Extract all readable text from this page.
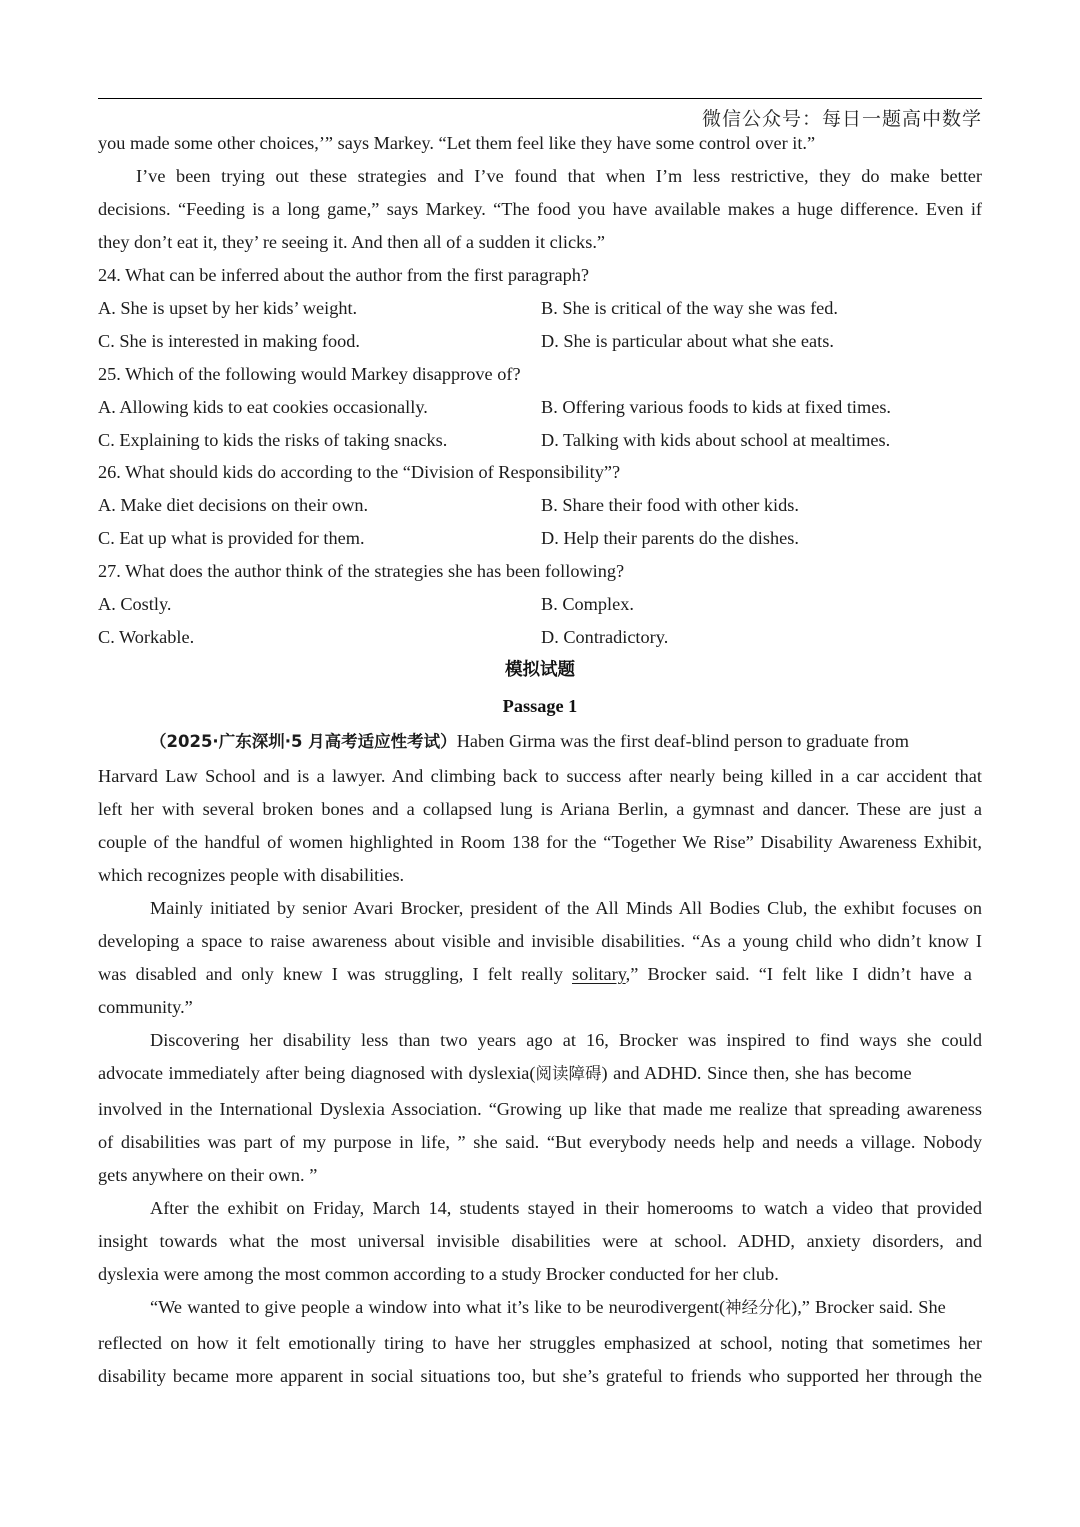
微信公众号：每日一题高中数学
you made some other choices,’” says Markey. “Let them feel like they have some control over it.”
I’ve been trying out these strategies and I’ve found that when I’m less restrictive, they do make better
decisions. “Feeding is a long game,” says Markey. “The food you have available makes a huge difference. Even if
they don’t eat it, they’ re seeing it. And then all of a sudden it clicks.”
24. What can be inferred about the author from the first paragraph?
A. She is upset by her kids’ weight.	B. She is critical of the way she was fed.
C. She is interested in making food.	D. She is particular about what she eats.
25. Which of the following would Markey disapprove of?
A. Allowing kids to eat cookies occasionally.	B. Offering various foods to kids at fixed times.
C. Explaining to kids the risks of taking snacks.	D. Talking with kids about school at mealtimes.
26. What should kids do according to the “Division of Responsibility”?
A. Make diet decisions on their own.	B. Share their food with other kids.
C. Eat up what is provided for them.	D. Help their parents do the dishes.
27. What does the author think of the strategies she has been following?
A. Costly.	B. Complex.
C. Workable.	D. Contradictory.
模拟试题
Passage 1
（2025·广东深圳·5 月高考适应性考试）Haben Girma was the first deaf-blind person to graduate from
Harvard Law School and is a lawyer. And climbing back to success after nearly being killed in a car accident that
left her with several broken bones and a collapsed lung is Ariana Berlin, a gymnast and dancer. These are just a
couple of the handful of women highlighted in Room 138 for the “Together We Rise” Disability Awareness Exhibit,
which recognizes people with disabilities.
Mainly initiated by senior Avari Brocker, president of the All Minds All Bodies Club, the exhibıt focuses on
developing a space to raise awareness about visible and invisible disabilities. “As a young child who didn’t know I
was disabled and only knew I was struggling, I felt really solitary,” Brocker said. “I felt like I didn’t have a
community.”
Discovering her disability less than two years ago at 16, Brocker was inspired to find ways she could
advocate immediately after being diagnosed with dyslexia(阅读障碍) and ADHD. Since then, she has become
involved in the International Dyslexia Association. “Growing up like that made me realize that spreading awareness
of disabilities was part of my purpose in life, ” she said. “But everybody needs help and needs a village. Nobody
gets anywhere on their own. ”
After the exhibit on Friday, March 14, students stayed in their homerooms to watch a video that provided
insight towards what the most universal invisible disabilities were at school. ADHD, anxiety disorders, and
dyslexia were among the most common according to a study Brocker conducted for her club.
“We wanted to give people a window into what it’s like to be neurodivergent(神经分化),” Brocker said. She
reflected on how it felt emotionally tiring to have her struggles emphasized at school, noting that sometimes her
disability became more apparent in social situations too, but she’s grateful to friends who supported her through the
